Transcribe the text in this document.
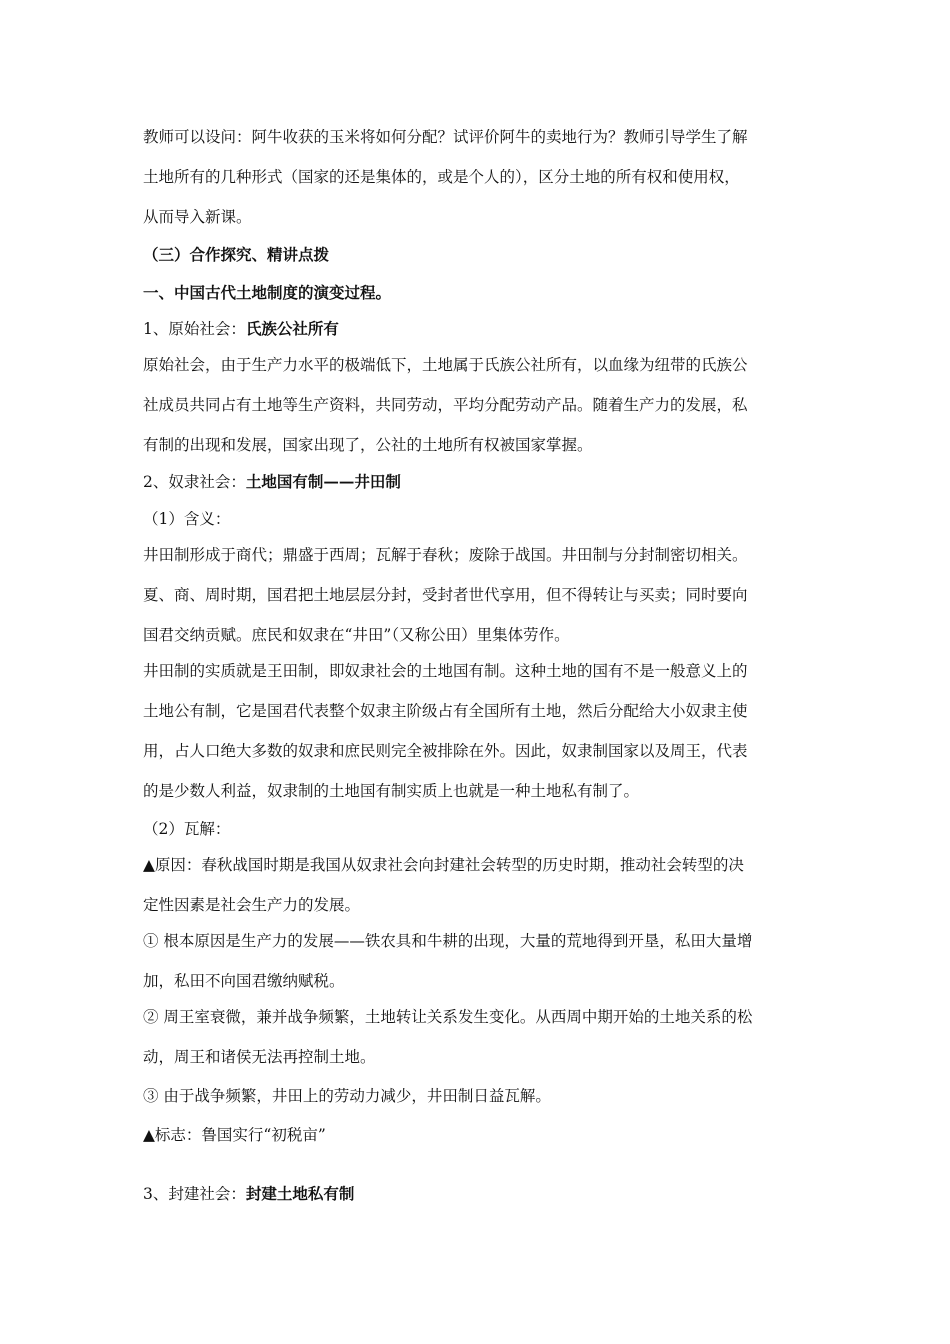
教师可以设问：阿牛收获的玉米将如何分配？试评价阿牛的卖地行为？教师引导学生了解
土地所有的几种形式（国家的还是集体的，或是个人的），区分土地的所有权和使用权，
从而导入新课。
（三）合作探究、精讲点拨
一、中国古代土地制度的演变过程。
1、原始社会：氏族公社所有
原始社会，由于生产力水平的极端低下，土地属于氏族公社所有，以血缘为纽带的氏族公
社成员共同占有土地等生产资料，共同劳动，平均分配劳动产品。随着生产力的发展，私
有制的出现和发展，国家出现了，公社的土地所有权被国家掌握。
2、奴隶社会：土地国有制——井田制
（1）含义：
井田制形成于商代；鼎盛于西周；瓦解于春秋；废除于战国。井田制与分封制密切相关。
夏、商、周时期，国君把土地层层分封，受封者世代享用，但不得转让与买卖；同时要向
国君交纳贡赋。庶民和奴隶在“井田”（又称公田）里集体劳作。
井田制的实质就是王田制，即奴隶社会的土地国有制。这种土地的国有不是一般意义上的
土地公有制，它是国君代表整个奴隶主阶级占有全国所有土地，然后分配给大小奴隶主使
用，占人口绝大多数的奴隶和庶民则完全被排除在外。因此，奴隶制国家以及周王，代表
的是少数人利益，奴隶制的土地国有制实质上也就是一种土地私有制了。
（2）瓦解：
▲原因：春秋战国时期是我国从奴隶社会向封建社会转型的历史时期，推动社会转型的决
定性因素是社会生产力的发展。
① 根本原因是生产力的发展——铁农具和牛耕的出现，大量的荒地得到开垦，私田大量增
加，私田不向国君缴纳赋税。
② 周王室衰微，兼并战争频繁，土地转让关系发生变化。从西周中期开始的土地关系的松
动，周王和诸侯无法再控制土地。
③ 由于战争频繁，井田上的劳动力减少，井田制日益瓦解。
▲标志：鲁国实行“初税亩”
3、封建社会：封建土地私有制
